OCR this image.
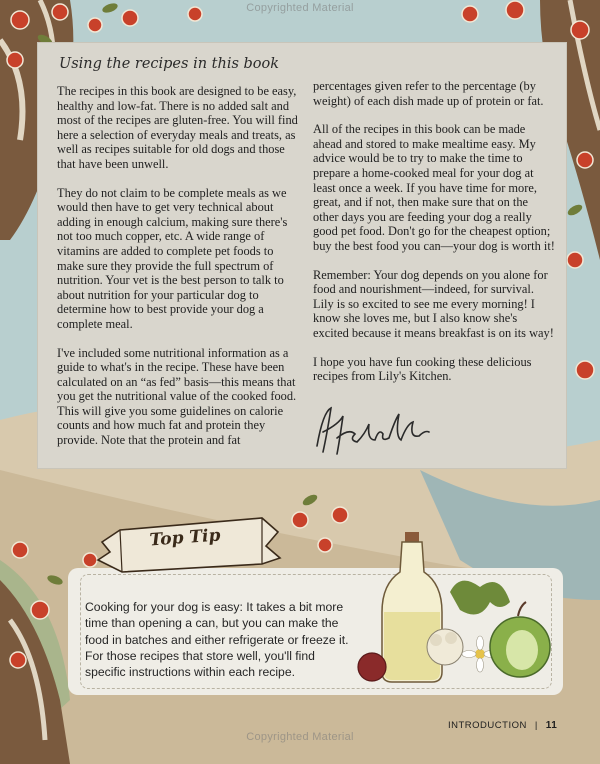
Copyrighted Material
Using the recipes in this book

The recipes in this book are designed to be easy, healthy and low-fat. There is no added salt and most of the recipes are gluten-free. You will find here a selection of everyday meals and treats, as well as recipes suitable for old dogs and those that have been unwell.

They do not claim to be complete meals as we would then have to get very technical about adding in enough calcium, making sure there's not too much copper, etc. A wide range of vitamins are added to complete pet foods to make sure they provide the full spectrum of nutrition. Your vet is the best person to talk to about nutrition for your particular dog to determine how to best provide your dog a complete meal.

I've included some nutritional information as a guide to what's in the recipe. These have been calculated on an “as fed” basis—this means that you get the nutritional value of the cooked food. This will give you some guidelines on calorie counts and how much fat and protein they provide. Note that the protein and fat

percentages given refer to the percentage (by weight) of each dish made up of protein or fat.

All of the recipes in this book can be made ahead and stored to make mealtime easy. My advice would be to try to make the time to prepare a home-cooked meal for your dog at least once a week. If you have time for more, great, and if not, then make sure that on the other days you are feeding your dog a really good pet food. Don't go for the cheapest option; buy the best food you can—your dog is worth it!

Remember: Your dog depends on you alone for food and nourishment—indeed, for survival. Lily is so excited to see me every morning! I know she loves me, but I also know she's excited because it means breakfast is on its way!

I hope you have fun cooking these delicious recipes from Lily's Kitchen.

Top Tip
Cooking for your dog is easy: It takes a bit more time than opening a can, but you can make the food in batches and either refrigerate or freeze it. For those recipes that store well, you'll find specific instructions within each recipe.
Copyrighted Material
INTRODUCTION | 11
